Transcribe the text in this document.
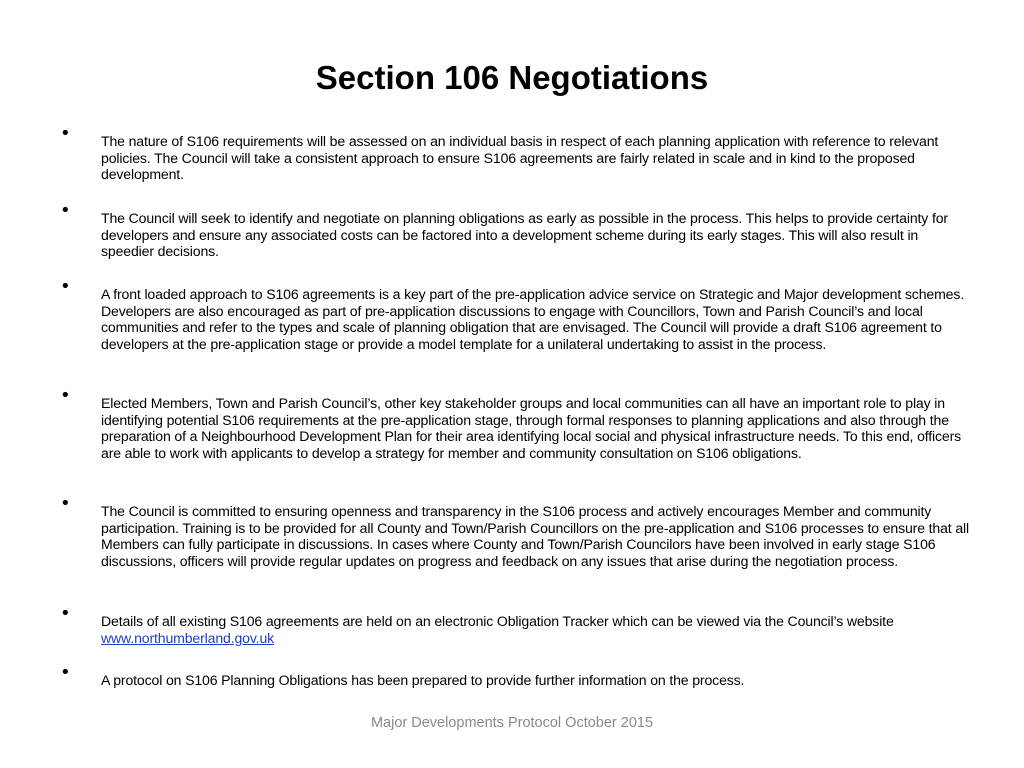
Section 106 Negotiations
• The nature of S106 requirements will be assessed on an individual basis in respect of each planning application with reference to relevant policies. The Council will take a consistent approach to ensure S106 agreements are fairly related in scale and in kind to the proposed development.
• The Council will seek to identify and negotiate on planning obligations as early as possible in the process. This helps to provide certainty for developers and ensure any associated costs can be factored into a development scheme during its early stages. This will also result in speedier decisions.
• A front loaded approach to S106 agreements is a key part of the pre-application advice service on Strategic and Major development schemes. Developers are also encouraged as part of pre-application discussions to engage with Councillors, Town and Parish Council’s and local communities and refer to the types and scale of planning obligation that are envisaged. The Council will provide a draft S106 agreement to developers at the pre-application stage or provide a model template for a unilateral undertaking to assist in the process.
• Elected Members, Town and Parish Council’s, other key stakeholder groups and local communities can all have an important role to play in identifying potential S106 requirements at the pre-application stage, through formal responses to planning applications and also through the preparation of a Neighbourhood Development Plan for their area identifying local social and physical infrastructure needs. To this end, officers are able to work with applicants to develop a strategy for member and community consultation on S106 obligations.
• The Council is committed to ensuring openness and transparency in the S106 process and actively encourages Member and community participation. Training is to be provided for all County and Town/Parish Councillors on the pre-application and S106 processes to ensure that all Members can fully participate in discussions. In cases where County and Town/Parish Councilors have been involved in early stage S106 discussions, officers will provide regular updates on progress and feedback on any issues that arise during the negotiation process.
• Details of all existing S106 agreements are held on an electronic Obligation Tracker which can be viewed via the Council’s website www.northumberland.gov.uk
• A protocol on S106 Planning Obligations has been prepared to provide further information on the process.
Major Developments Protocol October 2015
